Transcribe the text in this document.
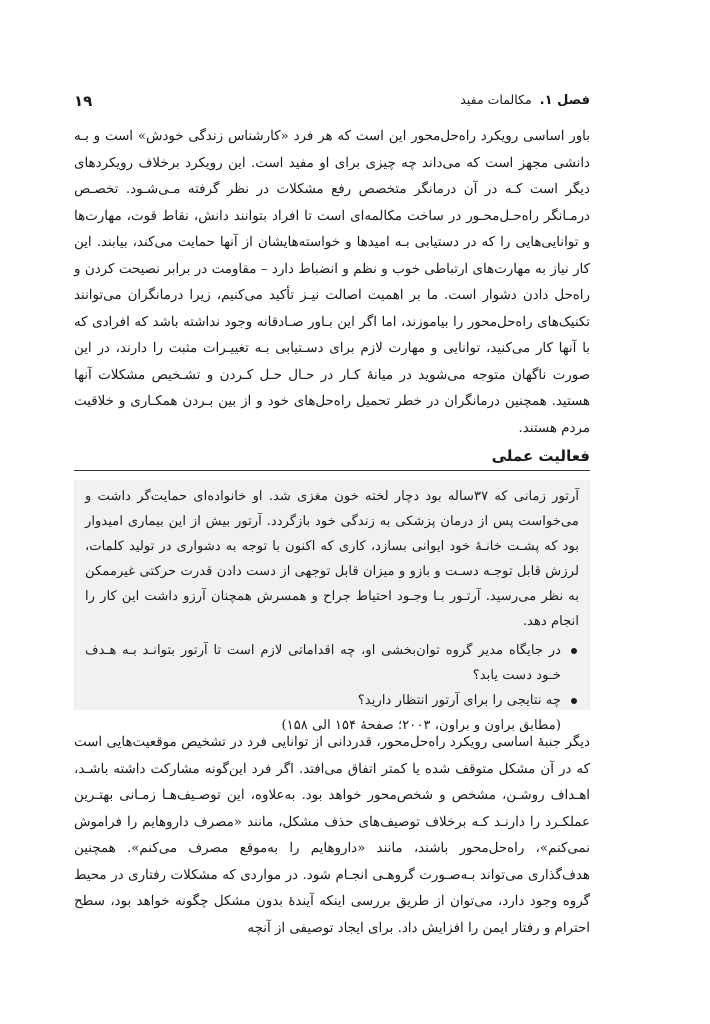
فصل ۱.
مکالمات مفید
۱۹

باور اساسی رویکرد راه‌حل‌محور این است که هر فرد «کارشناس زندگی خودش» است و بـه دانشی مجهز است که می‌داند چه چیزی برای او مفید است. این رویکرد برخلاف رویکردهای دیگر است کـه در آن درمانگر متخصص رفع مشکلات در نظر گرفته مـی‌شـود. تخصـص درمـانگر راه‌حـل‌محـور در ساخت مکالمه‌ای است تا افراد بتوانند دانش، نقاط قوت، مهارت‌ها و توانایی‌هایی را که در دستیابی بـه امیدها و خواسته‌هایشان از آنها حمایت می‌کند، بیابند. این کار نیاز به مهارت‌های ارتباطی خوب و نظم و انضباط دارد – مقاومت در برابر نصیحت کردن و راه‌حل دادن دشوار است. ما بر اهمیت اصالت نیـز تأکید می‌کنیم، زیرا درمانگران می‌توانند تکنیک‌های راه‌حل‌محور را بیاموزند، اما اگر این بـاور صـادقانه وجود نداشته باشد که افرادی که با آنها کار می‌کنید، توانایی و مهارت لازم برای دسـتیابی بـه تغییـرات مثبت را دارند، در این صورت ناگهان متوجه می‌شوید در میانهٔ کـار در حـال حـل کـردن و تشـخیص مشکلات آنها هستید. همچنین درمانگران در خطر تحمیل راه‌حل‌های خود و از بین بـردن همکـاری و خلاقیت مردم هستند.

فعالیت عملی

آرتور زمانی که ۳۷ساله بود دچار لخته خون مغزی شد. او خانواده‌ای حمایت‌گر داشت و می‌خواست پس از درمان پزشکی به زندگی خود بازگردد. آرتور بیش از این بیماری امیدوار بود که پشـت خانـهٔ خود ایوانی بسازد، کاری که اکنون با توجه به دشواری در تولید کلمات، لرزش قابل توجـه دسـت و بازو و میزان قابل توجهی از دست دادن قدرت حرکتی غیرممکن به نظر می‌رسید. آرتـور بـا وجـود احتیاط جراح و همسرش همچنان آرزو داشت این کار را انجام دهد.

در جایگاه مدیر گروه توان‌بخشی او، چه اقداماتی لازم است تا آرتور بتوانـد بـه هـدف خـود دست یابد؟
چه نتایجی را برای آرتور انتظار دارید؟
(مطابق براون و براون، ۲۰۰۳؛ صفحهٔ ۱۵۴ الی ۱۵۸)

دیگر جنبهٔ اساسی رویکرد راه‌حل‌محور، قدردانی از توانایی فرد در تشخیص موقعیت‌هایی است که در آن مشکل متوقف شده یا کمتر اتفاق می‌افتد. اگر فرد این‌گونه مشارکت داشته باشـد، اهـداف روشـن، مشخص و شخص‌محور خواهد بود. به‌علاوه، این توصـیف‌هـا زمـانی بهتـرین عملکـرد را دارنـد کـه برخلاف توصیف‌های حذف مشکل، مانند «مصرف داروهایم را فراموش نمی‌کنم»، راه‌حل‌محور باشند، مانند «داروهایم را به‌موقع مصرف می‌کنم». همچنین هدف‌گذاری می‌تواند بـه‌صـورت گروهـی انجـام شود. در مواردی که مشکلات رفتاری در محیط گروه وجود دارد، می‌توان از طریق بررسی اینکه آیندهٔ بدون مشکل چگونه خواهد بود، سطح احترام و رفتار ایمن را افزایش داد. برای ایجاد توصیفی از آنچه
